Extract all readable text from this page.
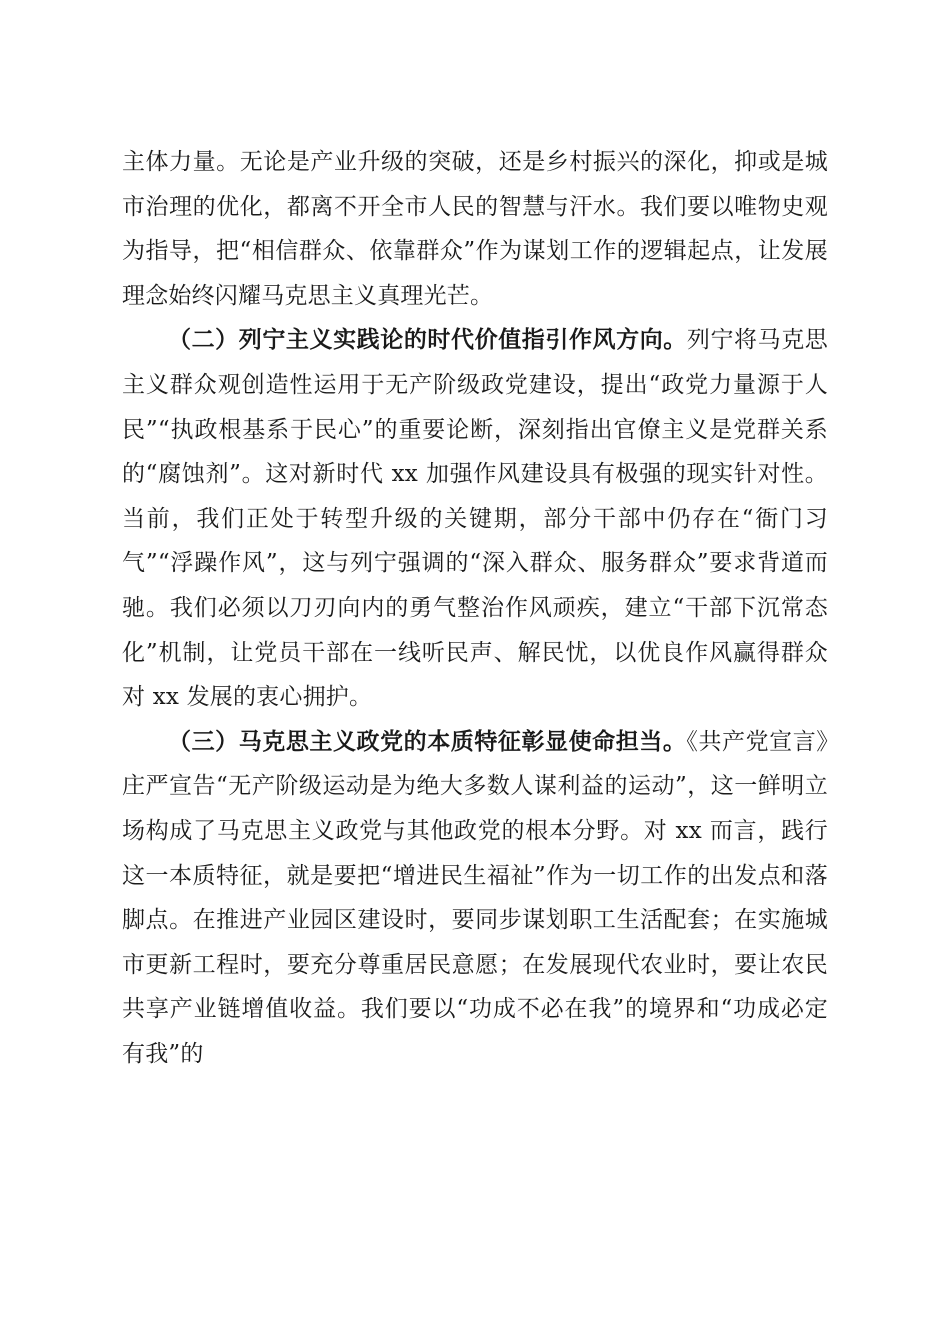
主体力量。无论是产业升级的突破，还是乡村振兴的深化，抑或是城市治理的优化，都离不开全市人民的智慧与汗水。我们要以唯物史观为指导，把“相信群众、依靠群众”作为谋划工作的逻辑起点，让发展理念始终闪耀马克思主义真理光芒。

（二）列宁主义实践论的时代价值指引作风方向。列宁将马克思主义群众观创造性运用于无产阶级政党建设，提出“政党力量源于人民”“执政根基系于民心”的重要论断，深刻指出官僚主义是党群关系的“腐蚀剂”。这对新时代 xx 加强作风建设具有极强的现实针对性。当前，我们正处于转型升级的关键期，部分干部中仍存在“衙门习气”“浮躁作风”，这与列宁强调的“深入群众、服务群众”要求背道而驰。我们必须以刀刃向内的勇气整治作风顽疾，建立“干部下沉常态化”机制，让党员干部在一线听民声、解民忧，以优良作风赢得群众对 xx 发展的衷心拥护。

（三）马克思主义政党的本质特征彰显使命担当。《共产党宣言》庄严宣告“无产阶级运动是为绝大多数人谋利益的运动”，这一鲜明立场构成了马克思主义政党与其他政党的根本分野。对 xx 而言，践行这一本质特征，就是要把“增进民生福祉”作为一切工作的出发点和落脚点。在推进产业园区建设时，要同步谋划职工生活配套；在实施城市更新工程时，要充分尊重居民意愿；在发展现代农业时，要让农民共享产业链增值收益。我们要以“功成不必在我”的境界和“功成必定有我”的
